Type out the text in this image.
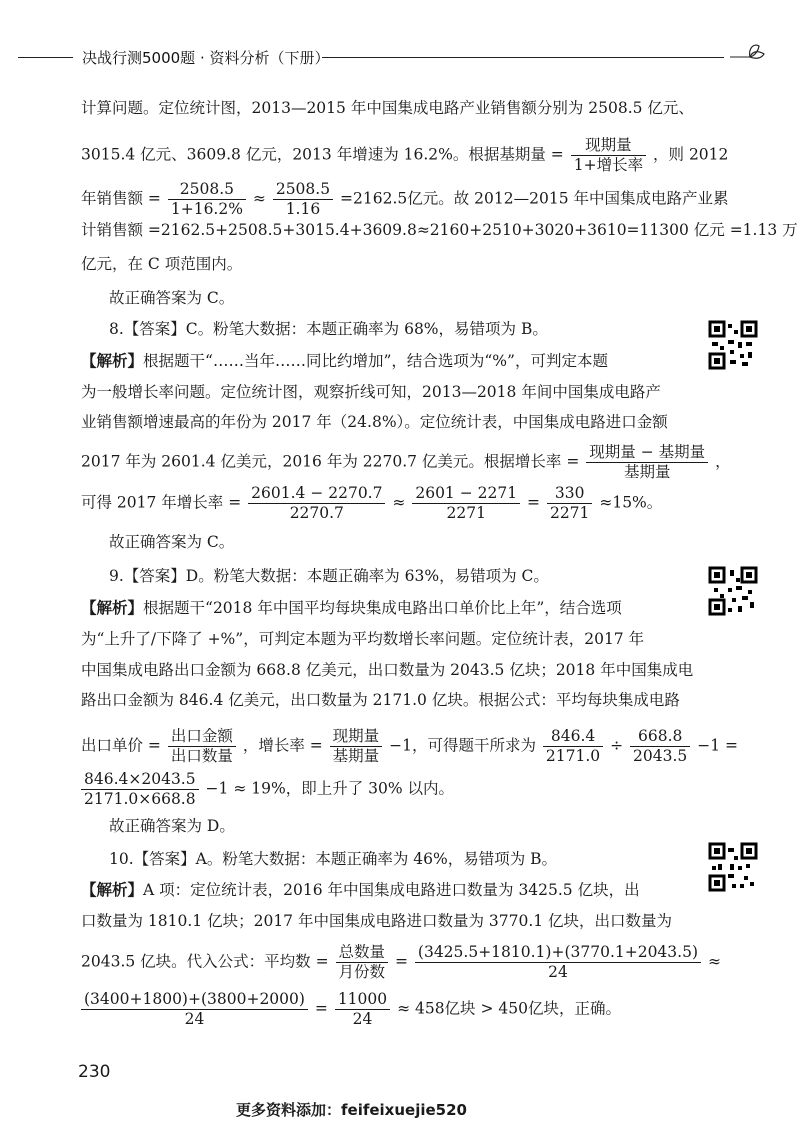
决战行测5000题 · 资料分析（下册）
计算问题。定位统计图，2013—2015 年中国集成电路产业销售额分别为 2508.5 亿元、
3015.4 亿元、3609.8 亿元，2013 年增速为 16.2%。根据基期量 = $\frac{\text{现期量}}{\text{1+增长率}}$ ，则 2012
年销售额 = $\frac{2508.5}{1+16.2\%} \approx \frac{2508.5}{1.16} =2162.5$亿元。故 2012—2015 年中国集成电路产业累
计销售额 =2162.5+2508.5+3015.4+3609.8≈2160+2510+3020+3610=11300 亿元 =1.13 万
亿元，在 C 项范围内。
故正确答案为 C。
8.【答案】C。粉笔大数据：本题正确率为 68%，易错项为 B。
【解析】根据题干“……当年……同比约增加”，结合选项为“%”，可判定本题
为一般增长率问题。定位统计图，观察折线可知，2013—2018 年间中国集成电路产
业销售额增速最高的年份为 2017 年（24.8%）。定位统计表，中国集成电路进口金额
2017 年为 2601.4 亿美元，2016 年为 2270.7 亿美元。根据增长率 = $\frac{\text{现期量 − 基期量}}{\text{基期量}}$ ，
可得 2017 年增长率 = $\frac{2601.4 - 2270.7}{2270.7} \approx \frac{2601 - 2271}{2271} = \frac{330}{2271} \approx 15\%$。
故正确答案为 C。
9.【答案】D。粉笔大数据：本题正确率为 63%，易错项为 C。
【解析】根据题干“2018 年中国平均每块集成电路出口单价比上年”，结合选项
为“上升了/下降了 +%”，可判定本题为平均数增长率问题。定位统计表，2017 年
中国集成电路出口金额为 668.8 亿美元，出口数量为 2043.5 亿块；2018 年中国集成电
路出口金额为 846.4 亿美元，出口数量为 2171.0 亿块。根据公式：平均每块集成电路
出口单价 = $\frac{\text{出口金额}}{\text{出口数量}}$ ，增长率 = $\frac{\text{现期量}}{\text{基期量}} -1$，可得题干所求为 $\frac{846.4}{2171.0} \div \frac{668.8}{2043.5} -1$ =
$\frac{846.4\times 2043.5}{2171.0\times 668.8} -1 \approx 19\%$，即上升了 30% 以内。
故正确答案为 D。
10.【答案】A。粉笔大数据：本题正确率为 46%，易错项为 B。
【解析】A 项：定位统计表，2016 年中国集成电路进口数量为 3425.5 亿块，出
口数量为 1810.1 亿块；2017 年中国集成电路进口数量为 3770.1 亿块，出口数量为
2043.5 亿块。代入公式：平均数 = $\frac{\text{总数量}}{\text{月份数}} = \frac{(3425.5+1810.1)+(3770.1+2043.5)}{24}$ ≈
$\frac{(3400+1800)+(3800+2000)}{24} = \frac{11000}{24} \approx 458$亿块 > 450亿块，正确。
230
更多资料添加：feifeixuejie520
